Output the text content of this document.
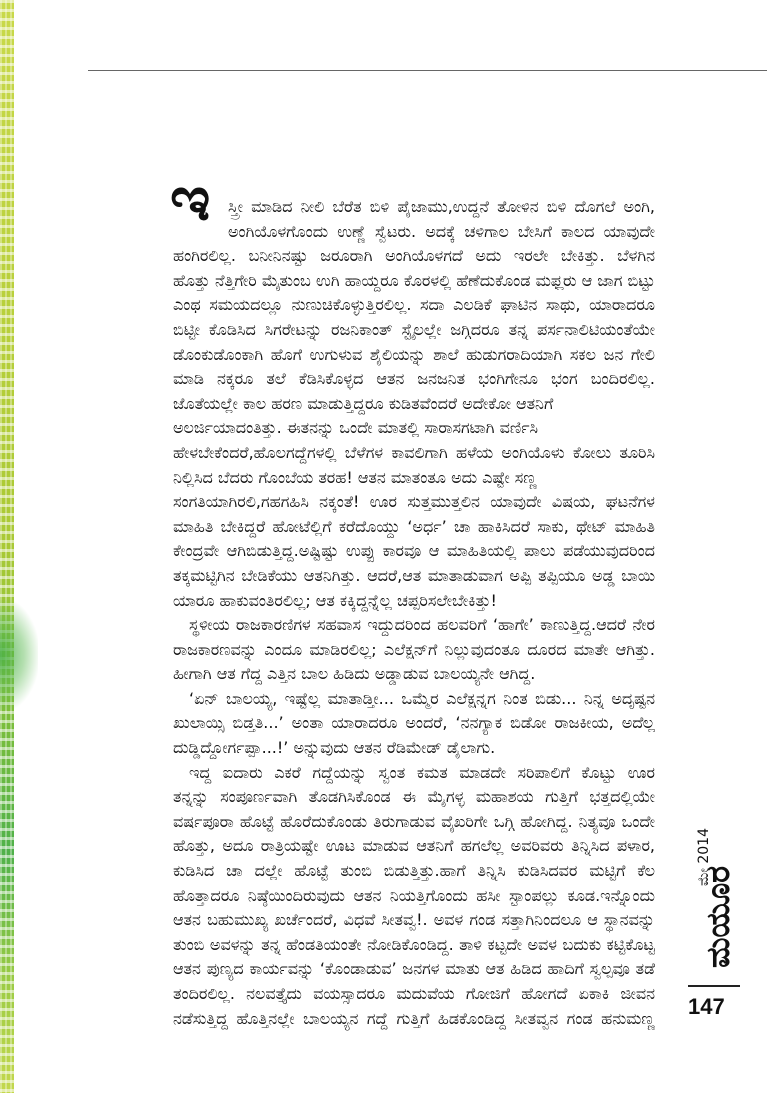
ಇ	ಸ್ತ್ರೀ ಮಾಡಿದ ನೀಲಿ ಬೆರೆತ ಬಿಳಿ ಪೈಜಾಮು,ಉದ್ದನೆ ತೋಳಿನ ಬಿಳಿ ದೊಗಲೆ ಅಂಗಿ,
ಅಂಗಿಯೊಳಗೊಂದು ಉಣ್ಣೆ ಸ್ವೆಟರು. ಅದಕ್ಕೆ ಚಳಿಗಾಲ ಬೇಸಿಗೆ ಕಾಲದ ಯಾವುದೇ
ಹಂಗಿರಲಿಲ್ಲ. ಬನೀನಿನಷ್ಟು ಜರೂರಾಗಿ ಅಂಗಿಯೊಳಗದೆ ಅದು ಇರಲೇ ಬೇಕಿತ್ತು. ಬೆಳಗಿನ
ಹೊತ್ತು ನೆತ್ತಿಗೇರಿ ಮೈತುಂಬ ಉಗಿ ಹಾಯ್ದರೂ ಕೊರಳಲ್ಲಿ ಹೆಣೆದುಕೊಂಡ ಮಫ್ಲರು ಆ ಜಾಗ ಬಿಟ್ಟು
ಎಂಥ ಸಮಯದಲ್ಲೂ ನುಣುಚಿಕೊಳ್ಳುತ್ತಿರಲಿಲ್ಲ. ಸದಾ ಎಲಡಿಕೆ ಘಾಟಿನ ಸಾಥು, ಯಾರಾದರೂ
ಬಿಟ್ಟೀ ಕೊಡಿಸಿದ ಸಿಗರೇಟನ್ನು ರಜನಿಕಾಂತ್ ಸ್ಟೈಲಲ್ಲೇ ಜಗ್ಗಿದರೂ ತನ್ನ ಪರ್ಸನಾಲಿಟಿಯಂತೆಯೇ
ಡೊಂಕುಡೊಂಕಾಗಿ ಹೊಗೆ ಉಗುಳುವ ಶೈಲಿಯನ್ನು ಶಾಲೆ ಹುಡುಗರಾದಿಯಾಗಿ ಸಕಲ ಜನ ಗೇಲಿ
ಮಾಡಿ ನಕ್ಕರೂ ತಲೆ ಕೆಡಿಸಿಕೊಳ್ಳದ ಆತನ ಜನಜನಿತ ಭಂಗಿಗೇನೂ ಭಂಗ ಬಂದಿರಲಿಲ್ಲ.
ಜೊತೆಯಲ್ಲೇ ಕಾಲ ಹರಣ ಮಾಡುತ್ತಿದ್ದರೂ ಕುಡಿತವೆಂದರೆ ಅದೇಕೋ ಆತನಿಗೆ
ಅಲರ್ಜಿಯಾದಂತಿತ್ತು. ಈತನನ್ನು ಒಂದೇ ಮಾತಲ್ಲಿ ಸಾರಾಸಗಟಾಗಿ ವರ್ಣಿಸಿ
ಹೇಳಬೇಕೆಂದರೆ,ಹೊಲಗದ್ದೆಗಳಲ್ಲಿ ಬೆಳೆಗಳ ಕಾವಲಿಗಾಗಿ ಹಳೆಯ ಅಂಗಿಯೊಳು ಕೋಲು ತೂರಿಸಿ
ನಿಲ್ಲಿಸಿದ ಬೆದರು ಗೊಂಬೆಯ ತರಹ! ಆತನ ಮಾತಂತೂ ಅದು ಎಷ್ಟೇ ಸಣ್ಣ
ಸಂಗತಿಯಾಗಿರಲಿ,ಗಹಗಹಿಸಿ ನಕ್ಕಂತೆ! ಊರ ಸುತ್ತಮುತ್ತಲಿನ ಯಾವುದೇ ವಿಷಯ, ಘಟನೆಗಳ
ಮಾಹಿತಿ ಬೇಕಿದ್ದರೆ ಹೋಟೆಲ್ಲಿಗೆ ಕರೆದೊಯ್ದು ‘ಅರ್ಧ’ ಚಾ ಹಾಕಿಸಿದರೆ ಸಾಕು, ಥೇಟ್ ಮಾಹಿತಿ
ಕೇಂದ್ರವೇ ಆಗಿಬಿಡುತ್ತಿದ್ದ.ಅಷ್ಟಿಷ್ಟು ಉಪ್ಪು ಕಾರವೂ ಆ ಮಾಹಿತಿಯಲ್ಲಿ ಪಾಲು ಪಡೆಯುವುದರಿಂದ
ತಕ್ಕಮಟ್ಟಿಗಿನ ಬೇಡಿಕೆಯು ಆತನಿಗಿತ್ತು. ಆದರೆ,ಆತ ಮಾತಾಡುವಾಗ ಅಪ್ಪಿ ತಪ್ಪಿಯೂ ಅಡ್ಡ ಬಾಯಿ
ಯಾರೂ ಹಾಕುವಂತಿರಲಿಲ್ಲ; ಆತ ಕಕ್ಕಿದ್ದನ್ನೆಲ್ಲ ಚಪ್ಪರಿಸಲೇಬೇಕಿತ್ತು!
ಸ್ಥಳೀಯ ರಾಜಕಾರಣಿಗಳ ಸಹವಾಸ ಇದ್ದುದರಿಂದ ಹಲವರಿಗೆ ‘ಹಾಗೇ’ ಕಾಣುತ್ತಿದ್ದ.ಆದರೆ ನೇರ
ರಾಜಕಾರಣವನ್ನು ಎಂದೂ ಮಾಡಿರಲಿಲ್ಲ; ಎಲೆಕ್ಷನ್‌ಗೆ ನಿಲ್ಲುವುದಂತೂ ದೂರದ ಮಾತೇ ಆಗಿತ್ತು.
ಹೀಗಾಗಿ ಆತ ಗೆದ್ದ ಎತ್ತಿನ ಬಾಲ ಹಿಡಿದು ಅಡ್ಡಾಡುವ ಬಾಲಯ್ಯನೇ ಆಗಿದ್ದ.
‘ಏನ್ ಬಾಲಯ್ಯ, ಇಷ್ಟೆಲ್ಲ ಮಾತಾಡ್ತೀ... ಒಮ್ಮೆರ ಎಲೆಕ್ಷನ್ನಗ ನಿಂತ ಬಿಡು... ನಿನ್ನ ಅದೃಷ್ಟನ
ಖುಲಾಯ್ಸಿ ಬಿಡ್ತತಿ...’ ಅಂತಾ ಯಾರಾದರೂ ಅಂದರೆ, ‘ನನಗ್ಯಾಕ ಬಿಡೋ ರಾಜಕೀಯ, ಅದೆಲ್ಲ
ದುಡ್ಡಿದ್ದೋರ್ಗಪ್ಪಾ...!’ ಅನ್ನುವುದು ಆತನ ರೆಡಿಮೇಡ್ ಡೈಲಾಗು.
ಇದ್ದ ಐದಾರು ಎಕರೆ ಗದ್ದೆಯನ್ನು ಸ್ವಂತ ಕಮತ ಮಾಡದೇ ಸರಿಪಾಲಿಗೆ ಕೊಟ್ಟು ಊರ
ತನ್ನನ್ನು ಸಂಪೂರ್ಣವಾಗಿ ತೊಡಗಿಸಿಕೊಂಡ ಈ ಮೈಗಳ್ಳ ಮಹಾಶಯ ಗುತ್ತಿಗೆ ಭತ್ತದಲ್ಲಿಯೇ
ವರ್ಷಪೂರಾ ಹೊಟ್ಟೆ ಹೊರೆದುಕೊಂಡು ತಿರುಗಾಡುವ ವೈಖರಿಗೇ ಒಗ್ಗಿ ಹೋಗಿದ್ದ. ನಿತ್ಯವೂ ಒಂದೇ
ಹೊತ್ತು, ಅದೂ ರಾತ್ರಿಯಷ್ಟೇ ಊಟ ಮಾಡುವ ಆತನಿಗೆ ಹಗಲೆಲ್ಲ ಅವರಿವರು ತಿನ್ನಿಸಿದ ಪಳಾರ,
ಕುಡಿಸಿದ ಚಾ ದಲ್ಲೇ ಹೊಟ್ಟೆ ತುಂಬಿ ಬಿಡುತ್ತಿತ್ತು.ಹಾಗೆ ತಿನ್ನಿಸಿ ಕುಡಿಸಿದವರ ಮಟ್ಟಿಗೆ ಕೆಲ
ಹೊತ್ತಾದರೂ ನಿಷ್ಠೆಯಿಂದಿರುವುದು ಆತನ ನಿಯತ್ತಿಗೊಂದು ಹಸೀ ಸ್ಟಾಂಪಲ್ಲು ಕೂಡ.ಇನ್ನೊಂದು
ಆತನ ಬಹುಮುಖ್ಯ ಖರ್ಚೆಂದರೆ, ವಿಧವೆ ಸೀತವ್ವ!. ಅವಳ ಗಂಡ ಸತ್ತಾಗಿನಿಂದಲೂ ಆ ಸ್ಥಾನವನ್ನು
ತುಂಬಿ ಅವಳನ್ನು ತನ್ನ ಹೆಂಡತಿಯಂತೇ ನೋಡಿಕೊಂಡಿದ್ದ. ತಾಳಿ ಕಟ್ಟದೇ ಅವಳ ಬದುಕು ಕಟ್ಟಿಕೊಟ್ಟ
ಆತನ ಪುಣ್ಯದ ಕಾರ್ಯವನ್ನು ‘ಕೊಂಡಾಡುವ’ ಜನಗಳ ಮಾತು ಆತ ಹಿಡಿದ ಹಾದಿಗೆ ಸ್ವಲ್ಪವೂ ತಡೆ
ತಂದಿರಲಿಲ್ಲ. ನಲವತ್ತೈದು ವಯಸ್ಸಾದರೂ ಮದುವೆಯ ಗೋಜಿಗೆ ಹೋಗದೆ ಏಕಾಕಿ ಜೀವನ
ನಡೆಸುತ್ತಿದ್ದ ಹೊತ್ತಿನಲ್ಲೇ ಬಾಲಯ್ಯನ ಗದ್ದೆ ಗುತ್ತಿಗೆ ಹಿಡಕೊಂಡಿದ್ದ ಸೀತವ್ವನ ಗಂಡ ಹನುಮಣ್ಣ
ಮೇ 2014
ಮಯೂರ
147
